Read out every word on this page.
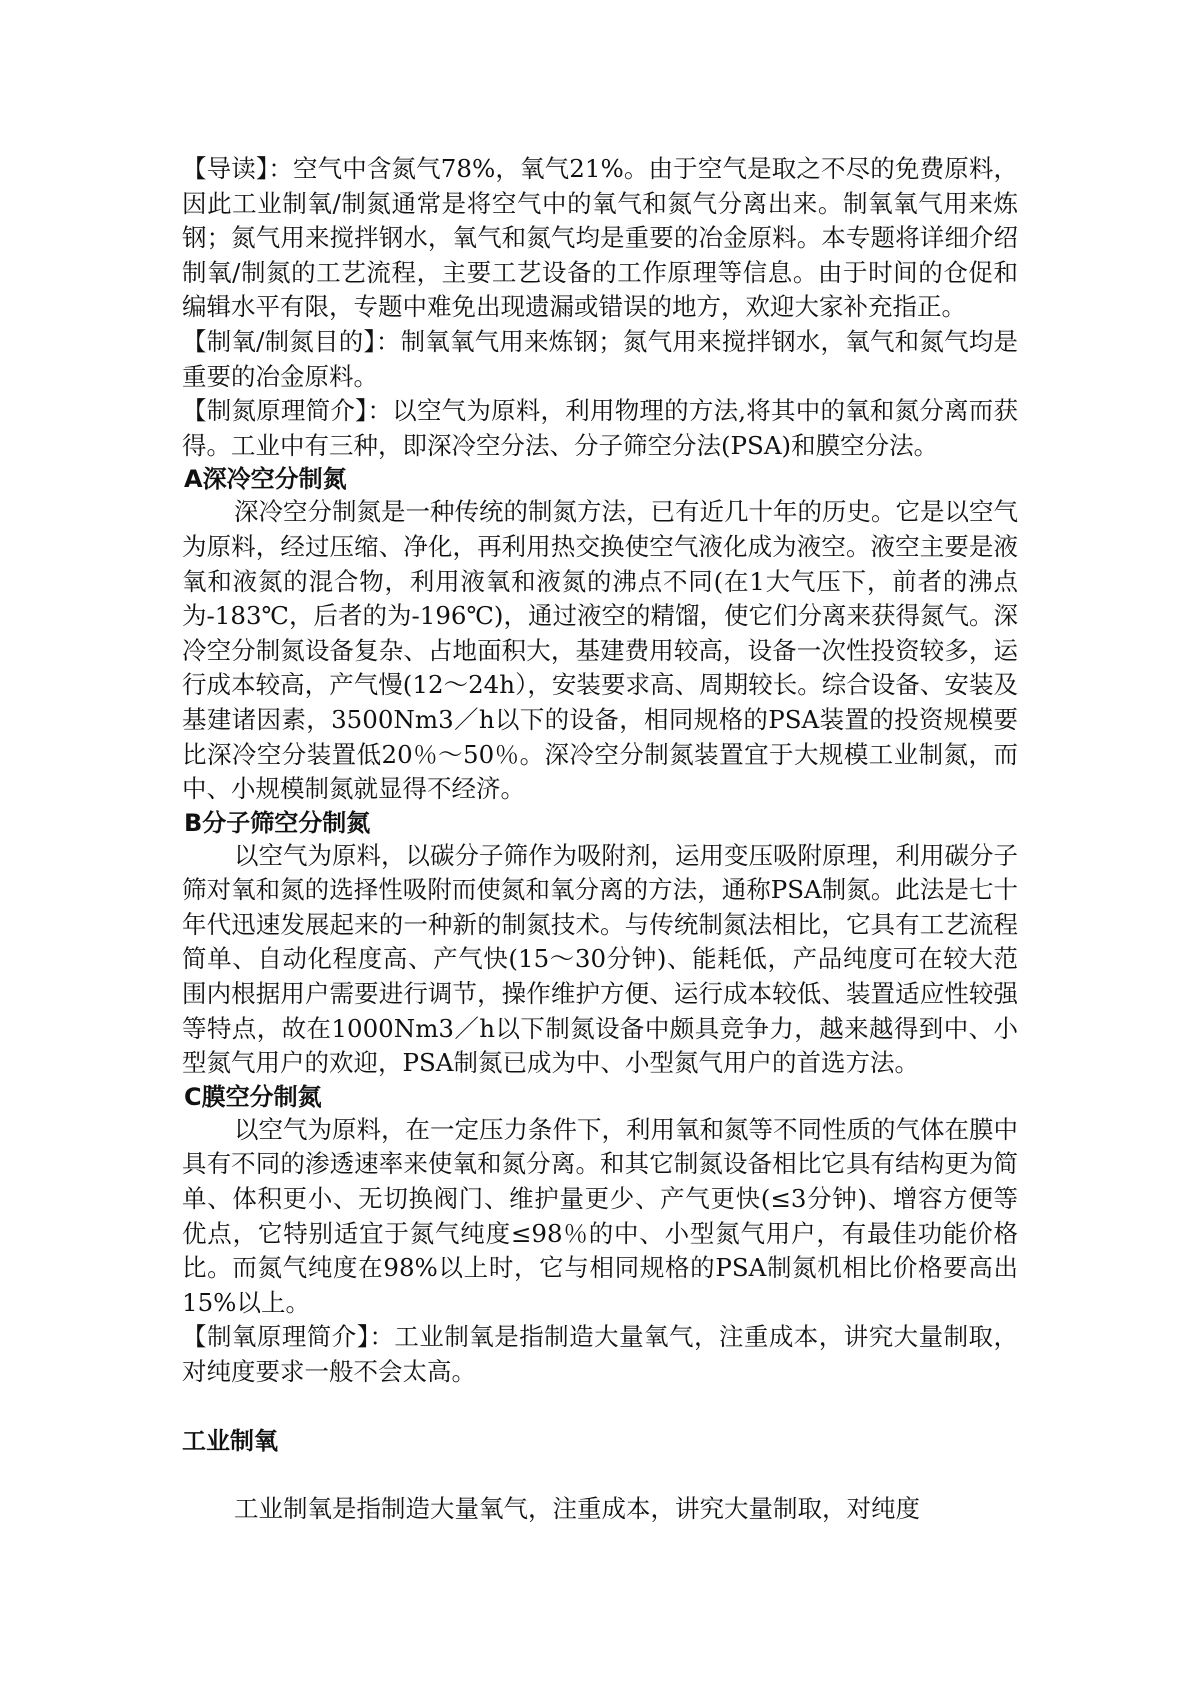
【导读】：空气中含氮气78%，氧气21%。由于空气是取之不尽的免费原料，因此工业制氧/制氮通常是将空气中的氧气和氮气分离出来。制氧氧气用来炼钢；氮气用来搅拌钢水，氧气和氮气均是重要的冶金原料。本专题将详细介绍制氧/制氮的工艺流程，主要工艺设备的工作原理等信息。由于时间的仓促和编辑水平有限，专题中难免出现遗漏或错误的地方，欢迎大家补充指正。

【制氧/制氮目的】：制氧氧气用来炼钢；氮气用来搅拌钢水，氧气和氮气均是重要的冶金原料。

【制氮原理简介】：以空气为原料，利用物理的方法,将其中的氧和氮分离而获得。工业中有三种，即深冷空分法、分子筛空分法(PSA)和膜空分法。

A深冷空分制氮

深冷空分制氮是一种传统的制氮方法，已有近几十年的历史。它是以空气为原料，经过压缩、净化，再利用热交换使空气液化成为液空。液空主要是液氧和液氮的混合物，利用液氧和液氮的沸点不同(在1大气压下，前者的沸点为-183℃，后者的为-196℃)，通过液空的精馏，使它们分离来获得氮气。深冷空分制氮设备复杂、占地面积大，基建费用较高，设备一次性投资较多，运行成本较高，产气慢(12～24h），安装要求高、周期较长。综合设备、安装及基建诸因素，3500Nm3／h以下的设备，相同规格的PSA装置的投资规模要比深冷空分装置低20％～50％。深冷空分制氮装置宜于大规模工业制氮，而中、小规模制氮就显得不经济。

B分子筛空分制氮

以空气为原料，以碳分子筛作为吸附剂，运用变压吸附原理，利用碳分子筛对氧和氮的选择性吸附而使氮和氧分离的方法，通称PSA制氮。此法是七十年代迅速发展起来的一种新的制氮技术。与传统制氮法相比，它具有工艺流程简单、自动化程度高、产气快(15～30分钟)、能耗低，产品纯度可在较大范围内根据用户需要进行调节，操作维护方便、运行成本较低、装置适应性较强等特点，故在1000Nm3／h以下制氮设备中颇具竞争力，越来越得到中、小型氮气用户的欢迎，PSA制氮已成为中、小型氮气用户的首选方法。

C膜空分制氮

以空气为原料，在一定压力条件下，利用氧和氮等不同性质的气体在膜中具有不同的渗透速率来使氧和氮分离。和其它制氮设备相比它具有结构更为简单、体积更小、无切换阀门、维护量更少、产气更快(≤3分钟)、增容方便等优点，它特别适宜于氮气纯度≤98％的中、小型氮气用户，有最佳功能价格比。而氮气纯度在98%以上时，它与相同规格的PSA制氮机相比价格要高出15%以上。

【制氧原理简介】：工业制氧是指制造大量氧气，注重成本，讲究大量制取，对纯度要求一般不会太高。

工业制氧

工业制氧是指制造大量氧气，注重成本，讲究大量制取，对纯度
